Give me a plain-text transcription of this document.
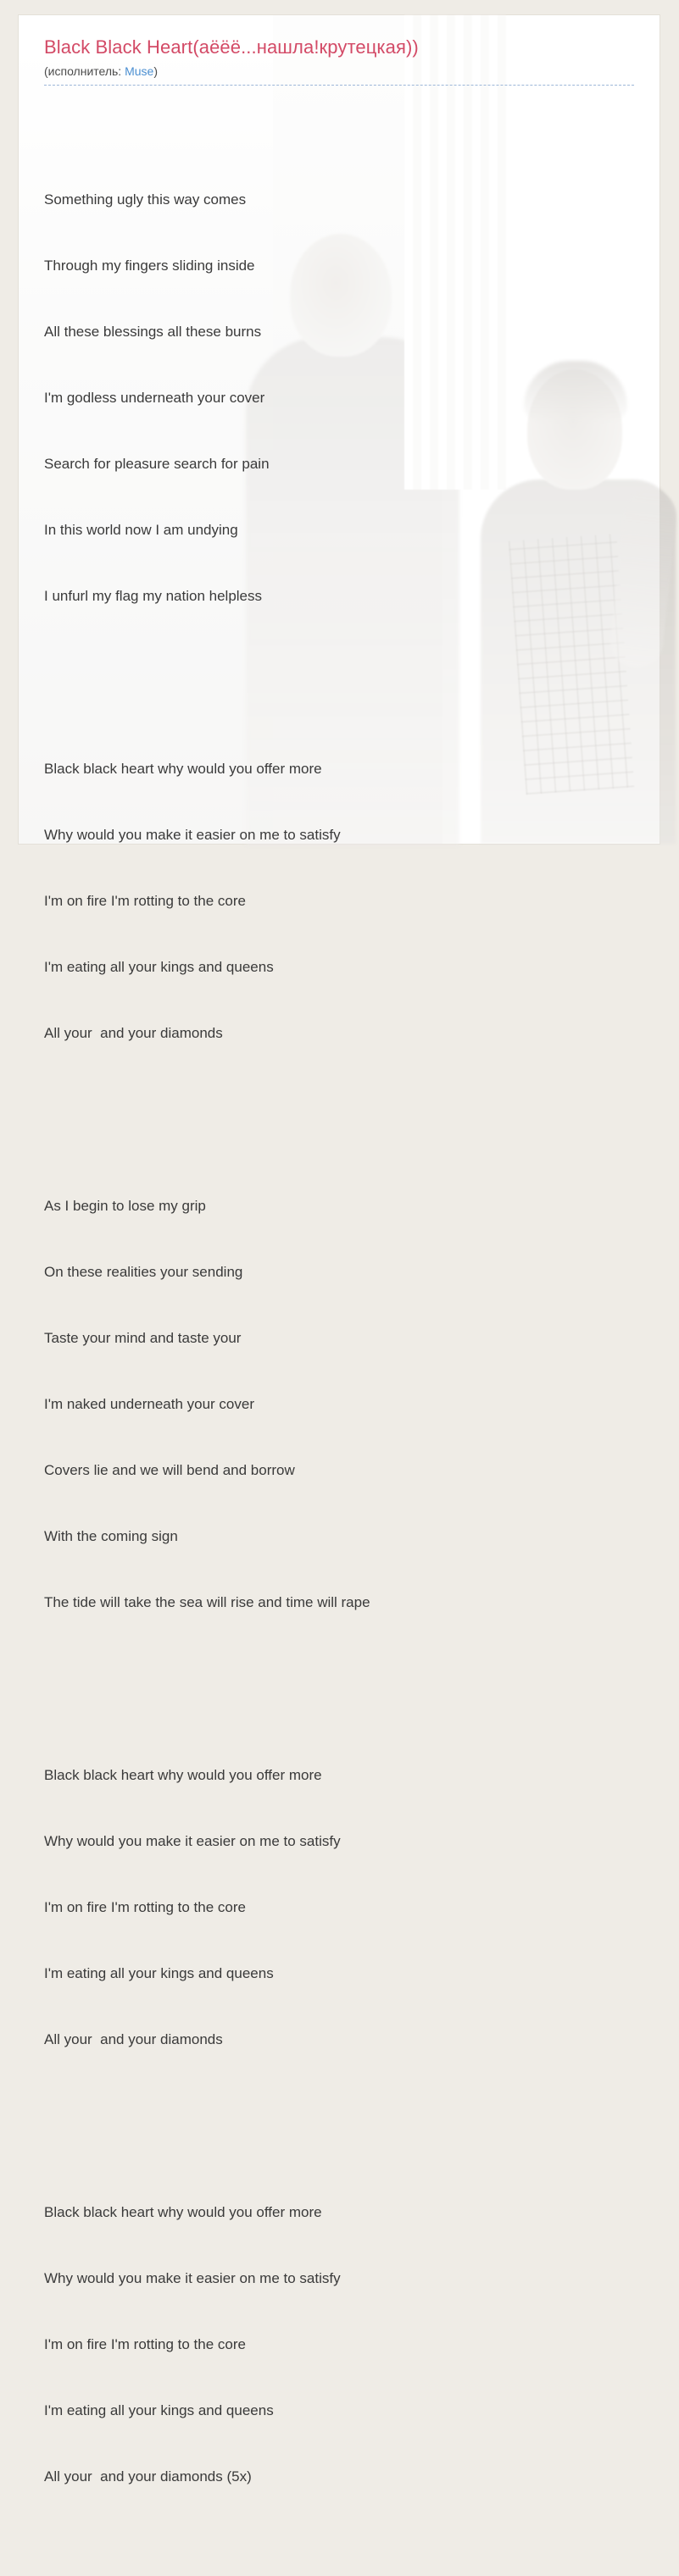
Black Black Heart(аёёё...нашла!крутецкая))
(исполнитель: Muse)

Something ugly this way comes

Through my fingers sliding inside

All these blessings all these burns

I'm godless underneath your cover

Search for pleasure search for pain

In this world now I am undying

I unfurl my flag my nation helpless

Black black heart why would you offer more

Why would you make it easier on me to satisfy

I'm on fire I'm rotting to the core

I'm eating all your kings and queens

All your  and your diamonds

As I begin to lose my grip

On these realities your sending

Taste your mind and taste your

I'm naked underneath your cover

Covers lie and we will bend and borrow

With the coming sign

The tide will take the sea will rise and time will rape

Black black heart why would you offer more

Why would you make it easier on me to satisfy

I'm on fire I'm rotting to the core

I'm eating all your kings and queens

All your  and your diamonds

Black black heart why would you offer more

Why would you make it easier on me to satisfy

I'm on fire I'm rotting to the core

I'm eating all your kings and queens

All your  and your diamonds (5x)
